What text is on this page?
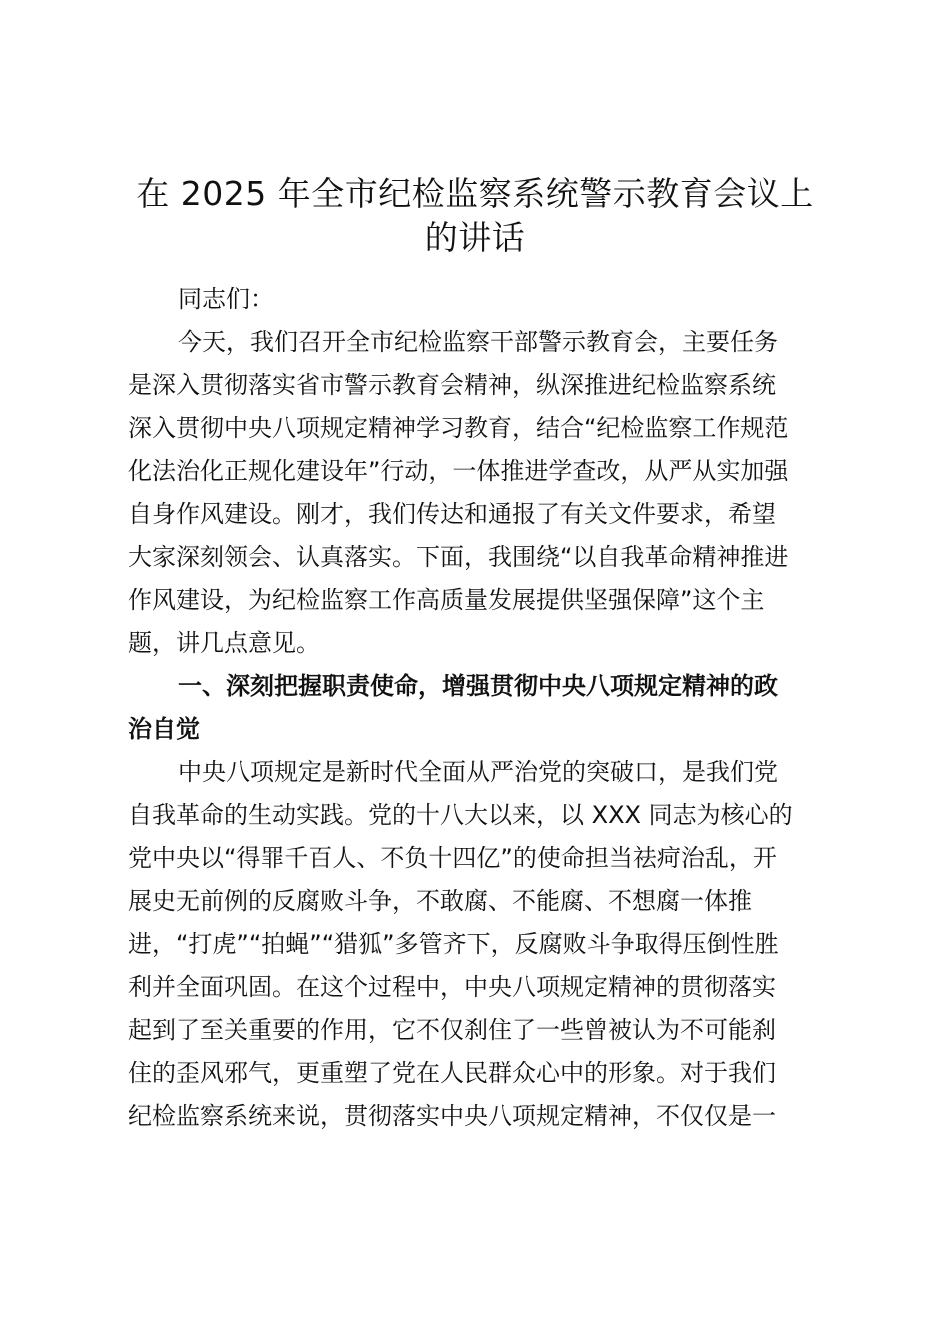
在 2025 年全市纪检监察系统警示教育会议上
的讲话
同志们：
今天，我们召开全市纪检监察干部警示教育会，主要任务
是深入贯彻落实省市警示教育会精神，纵深推进纪检监察系统
深入贯彻中央八项规定精神学习教育，结合“纪检监察工作规范
化法治化正规化建设年”行动，一体推进学查改，从严从实加强
自身作风建设。刚才，我们传达和通报了有关文件要求，希望
大家深刻领会、认真落实。下面，我围绕“以自我革命精神推进
作风建设，为纪检监察工作高质量发展提供坚强保障”这个主
题，讲几点意见。
一、深刻把握职责使命，增强贯彻中央八项规定精神的政
治自觉
中央八项规定是新时代全面从严治党的突破口，是我们党
自我革命的生动实践。党的十八大以来，以 XXX 同志为核心的
党中央以“得罪千百人、不负十四亿”的使命担当祛疴治乱，开
展史无前例的反腐败斗争，不敢腐、不能腐、不想腐一体推
进，“打虎”“拍蝇”“猎狐”多管齐下，反腐败斗争取得压倒性胜
利并全面巩固。在这个过程中，中央八项规定精神的贯彻落实
起到了至关重要的作用，它不仅刹住了一些曾被认为不可能刹
住的歪风邪气，更重塑了党在人民群众心中的形象。对于我们
纪检监察系统来说，贯彻落实中央八项规定精神，不仅仅是一
